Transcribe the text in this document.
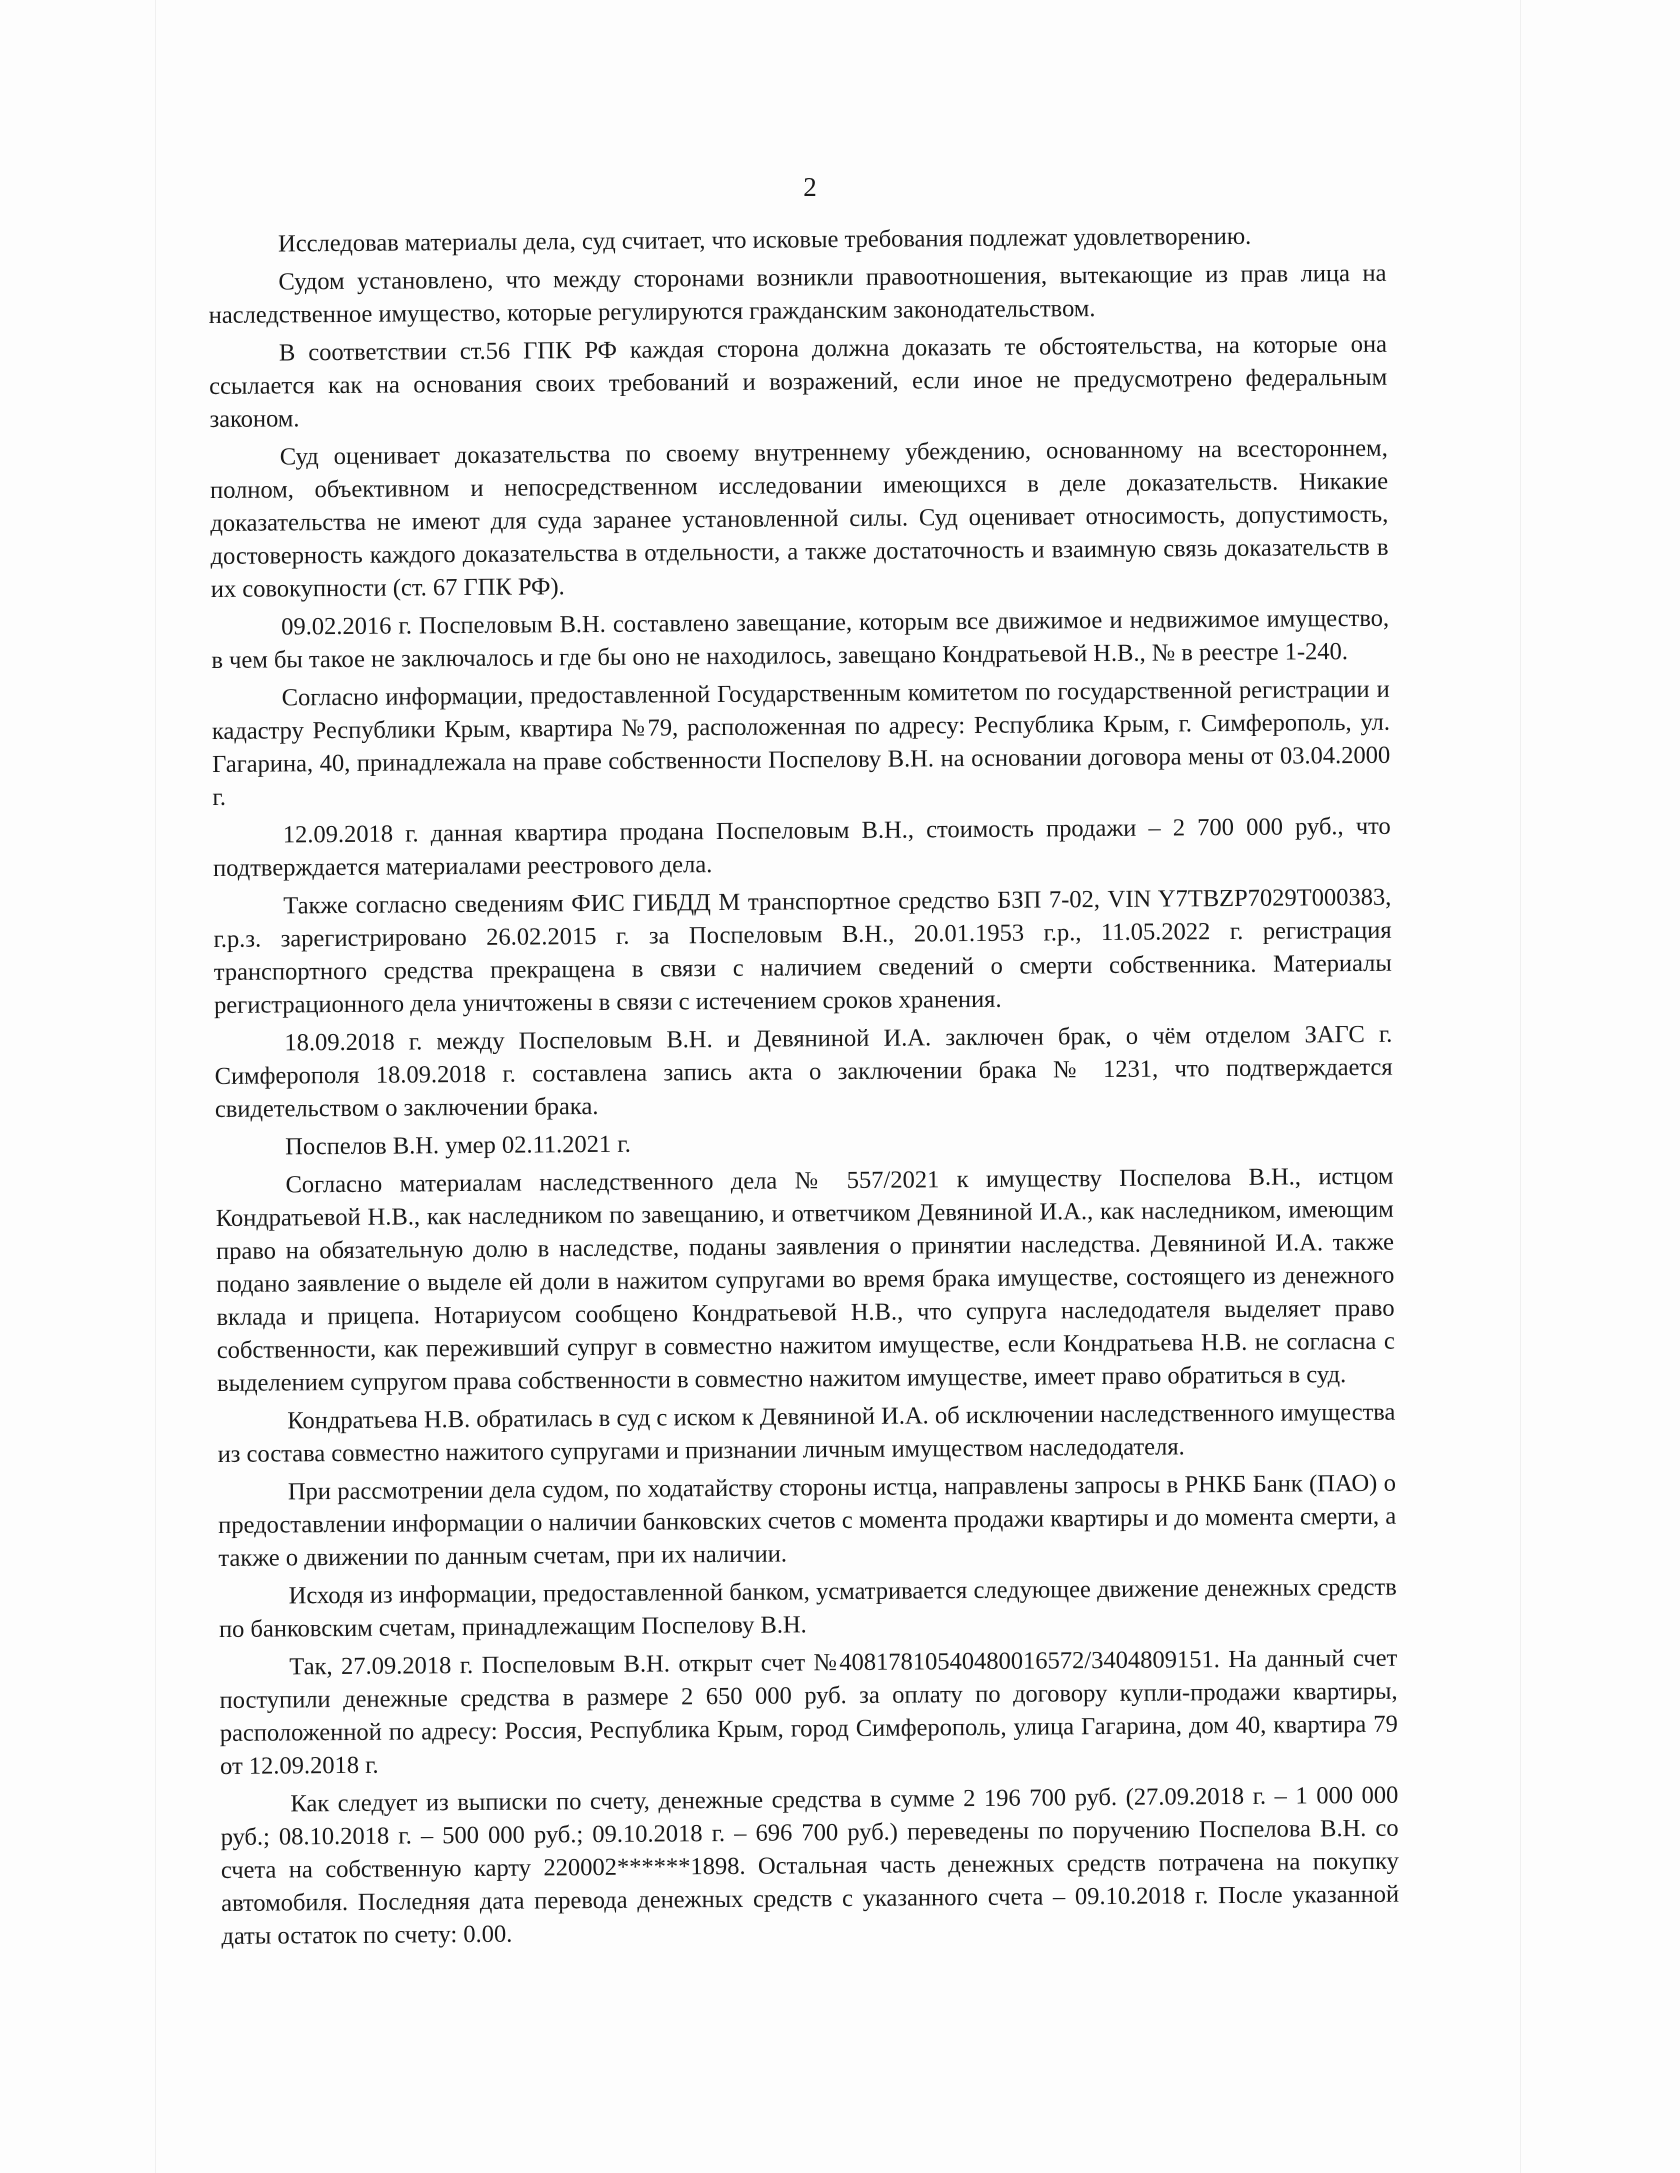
2

Исследовав материалы дела, суд считает, что исковые требования подлежат удовлетворению.

Судом установлено, что между сторонами возникли правоотношения, вытекающие из прав лица на наследственное имущество, которые регулируются гражданским законодательством.

В соответствии ст.56 ГПК РФ каждая сторона должна доказать те обстоятельства, на которые она ссылается как на основания своих требований и возражений, если иное не предусмотрено федеральным законом.

Суд оценивает доказательства по своему внутреннему убеждению, основанному на всестороннем, полном, объективном и непосредственном исследовании имеющихся в деле доказательств. Никакие доказательства не имеют для суда заранее установленной силы. Суд оценивает относимость, допустимость, достоверность каждого доказательства в отдельности, а также достаточность и взаимную связь доказательств в их совокупности (ст. 67 ГПК РФ).

09.02.2016 г. Поспеловым В.Н. составлено завещание, которым все движимое и недвижимое имущество, в чем бы такое не заключалось и где бы оно не находилось, завещано Кондратьевой Н.В., № в реестре 1-240.

Согласно информации, предоставленной Государственным комитетом по государственной регистрации и кадастру Республики Крым, квартира №79, расположенная по адресу: Республика Крым, г. Симферополь, ул. Гагарина, 40, принадлежала на праве собственности Поспелову В.Н. на основании договора мены от 03.04.2000 г.

12.09.2018 г. данная квартира продана Поспеловым В.Н., стоимость продажи – 2 700 000 руб., что подтверждается материалами реестрового дела.

Также согласно сведениям ФИС ГИБДД М транспортное средство БЗП 7-02, VIN Y7TBZP7029T000383, г.р.з. зарегистрировано 26.02.2015 г. за Поспеловым В.Н., 20.01.1953 г.р., 11.05.2022 г. регистрация транспортного средства прекращена в связи с наличием сведений о смерти собственника. Материалы регистрационного дела уничтожены в связи с истечением сроков хранения.

18.09.2018 г. между Поспеловым В.Н. и Девяниной И.А. заключен брак, о чём отделом ЗАГС г. Симферополя 18.09.2018 г. составлена запись акта о заключении брака № 1231, что подтверждается свидетельством о заключении брака.

Поспелов В.Н. умер 02.11.2021 г.

Согласно материалам наследственного дела № 557/2021 к имуществу Поспелова В.Н., истцом Кондратьевой Н.В., как наследником по завещанию, и ответчиком Девяниной И.А., как наследником, имеющим право на обязательную долю в наследстве, поданы заявления о принятии наследства. Девяниной И.А. также подано заявление о выделе ей доли в нажитом супругами во время брака имуществе, состоящего из денежного вклада и прицепа. Нотариусом сообщено Кондратьевой Н.В., что супруга наследодателя выделяет право собственности, как переживший супруг в совместно нажитом имуществе, если Кондратьева Н.В. не согласна с выделением супругом права собственности в совместно нажитом имуществе, имеет право обратиться в суд.

Кондратьева Н.В. обратилась в суд с иском к Девяниной И.А. об исключении наследственного имущества из состава совместно нажитого супругами и признании личным имуществом наследодателя.

При рассмотрении дела судом, по ходатайству стороны истца, направлены запросы в РНКБ Банк (ПАО) о предоставлении информации о наличии банковских счетов с момента продажи квартиры и до момента смерти, а также о движении по данным счетам, при их наличии.

Исходя из информации, предоставленной банком, усматривается следующее движение денежных средств по банковским счетам, принадлежащим Поспелову В.Н.

Так, 27.09.2018 г. Поспеловым В.Н. открыт счет №40817810540480016572/3404809151. На данный счет поступили денежные средства в размере 2 650 000 руб. за оплату по договору купли-продажи квартиры, расположенной по адресу: Россия, Республика Крым, город Симферополь, улица Гагарина, дом 40, квартира 79 от 12.09.2018 г.

Как следует из выписки по счету, денежные средства в сумме 2 196 700 руб. (27.09.2018 г. – 1 000 000 руб.; 08.10.2018 г. – 500 000 руб.; 09.10.2018 г. – 696 700 руб.) переведены по поручению Поспелова В.Н. со счета на собственную карту 220002******1898. Остальная часть денежных средств потрачена на покупку автомобиля. Последняя дата перевода денежных средств с указанного счета – 09.10.2018 г. После указанной даты остаток по счету: 0.00.
